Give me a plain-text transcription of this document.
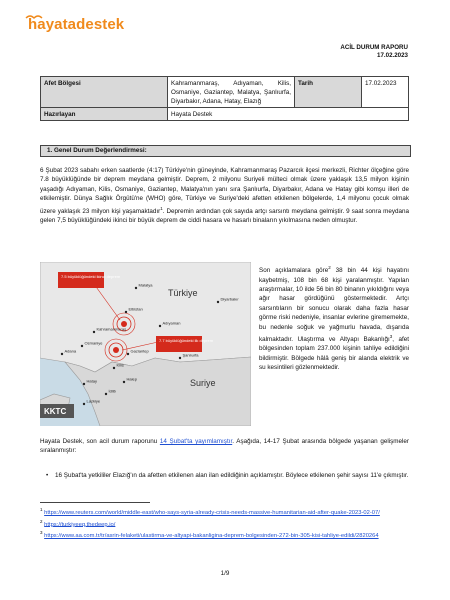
hayatadestek
ACİL DURUM RAPORU
17.02.2023
Afet Bölgesi	Kahramanmaraş, Adıyaman, Kilis, Osmaniye, Gaziantep, Malatya, Şanlıurfa, Diyarbakır, Adana, Hatay, Elazığ	Tarih	17.02.2023
Hazırlayan	Hayata Destek		
1. Genel Durum Değerlendirmesi:
6 Şubat 2023 sabahı erken saatlerde (4:17) Türkiye'nin güneyinde, Kahramanmaraş Pazarcık ilçesi merkezli, Richter ölçeğine göre 7.8 büyüklüğünde bir deprem meydana gelmiştir. Deprem, 2 milyonu Suriyeli mülteci olmak üzere yaklaşık 13,5 milyon kişinin yaşadığı Adıyaman, Kilis, Osmaniye, Gaziantep, Malatya'nın yanı sıra Şanlıurfa, Diyarbakır, Adana ve Hatay gibi komşu illeri de etkilemiştir. Dünya Sağlık Örgütü'ne (WHO) göre, Türkiye ve Suriye'deki afetten etkilenen bölgelerde, 1,4 milyonu çocuk olmak üzere yaklaşık 23 milyon kişi yaşamaktadır$^1$. Depremin ardından çok sayıda artçı sarsıntı meydana gelmiştir. 9 saat sonra meydana gelen 7,5 büyüklüğündeki ikinci bir büyük deprem de ciddi hasara ve hasarlı binaların yıkılmasına neden olmuştur.
7.5 büyüklüğündeki ikinci deprem
7.7 büyüklüğündeki ilk deprem
Türkiye
Suriye
KKTC
Malatya
Elbistan
Kahramanmaraş
Adıyaman
Diyarbakır
Osmaniye
Gaziantep
Şanlıurfa
Adana
Kilis
Hatay	Halep
İdlib
Lazkiye
Son açıklamalara göre$^2$ 38 bin 44 kişi hayatını kaybetmiş, 108 bin 68 kişi yaralanmıştır. Yapılan araştırmalar, 10 ilde 56 bin 80 binanın yıkıldığını veya ağır hasar gördüğünü göstermektedir. Artçı sarsıntıların bir sonucu olarak daha fazla hasar görme riski nedeniyle, insanlar evlerine girememekte, bu nedenle soğuk ve yağmurlu havada, dışarıda kalmaktadır. Ulaştırma ve Altyapı Bakanlığı$^3$, afet bölgesinden toplam 237.000 kişinin tahliye edildiğini bildirmiştir. Bölgede hâlâ geniş bir alanda elektrik ve su kesintileri gözlenmektedir.
Hayata Destek, son acil durum raporunu 14 Şubat'ta yayımlamıştır. Aşağıda, 14-17 Şubat arasında bölgede yaşanan gelişmeler sıralanmıştır:
• 16 Şubat'ta yetkililer Elazığ'ın da afetten etkilenen alan ilan edildiğinin açıklamıştır. Böylece etkilenen şehir sayısı 11'e çıkmıştır.
$^1$ https://www.reuters.com/world/middle-east/who-says-syria-already-crisis-needs-massive-humanitarian-aid-after-quake-2023-02-07/
$^2$ https://turkiyeeq.thedeep.io/
$^3$ https://www.aa.com.tr/tr/asrin-felaketi/ulastirma-ve-altyapi-bakanligina-deprem-bolgesinden-272-bin-305-kisi-tahliye-edildi/2820264
1/9
